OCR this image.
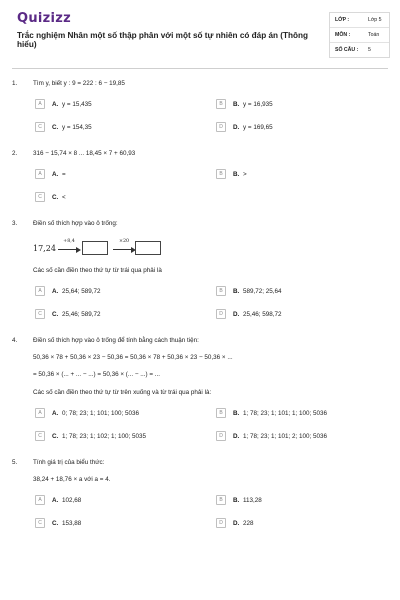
Quizizz
Trắc nghiệm Nhân một số thập phân với một số tự nhiên có đáp án (Thông hiểu)
LỚP :	Lớp 5
MÔN :	Toán
SỐ CÂU : 5
1. Tìm y, biết y : 9 = 222 : 6 − 19,85
A	A. y = 15,435	B	B. y = 16,935
C	C. y = 154,35	D	D. y = 169,65
2. 316 − 15,74 × 8 ... 18,45 × 7 + 60,93
A	A. =	B	B. >
C	C. <
3. Điền số thích hợp vào ô trống:
17,24
+8,4	×20
Các số cần điền theo thứ tự từ trái qua phải là
A	A. 25,64; 589,72	B	B. 589,72; 25,64
C	C. 25,46; 589,72	D	D. 25,46; 598,72
4. Điền số thích hợp vào ô trống để tính bằng cách thuận tiện:
50,36 × 78 + 50,36 × 23 − 50,36 = 50,36 × 78 + 50,36 × 23 − 50,36 × ...
= 50,36 × (... + ... − ...) = 50,36 × (... − ...) = ...
Các số cần điền theo thứ tự từ trên xuống và từ trái qua phải là:
A	A. 0; 78; 23; 1; 101; 100; 5036	B	B. 1; 78; 23; 1; 101; 1; 100; 5036
C	C. 1; 78; 23; 1; 102; 1; 100; 5035	D	D. 1; 78; 23; 1; 101; 2; 100; 5036
5. Tính giá trị của biểu thức:
38,24 + 18,76 × a với a = 4.
A	A. 102,68	B	B. 113,28
C	C. 153,88	D	D. 228
